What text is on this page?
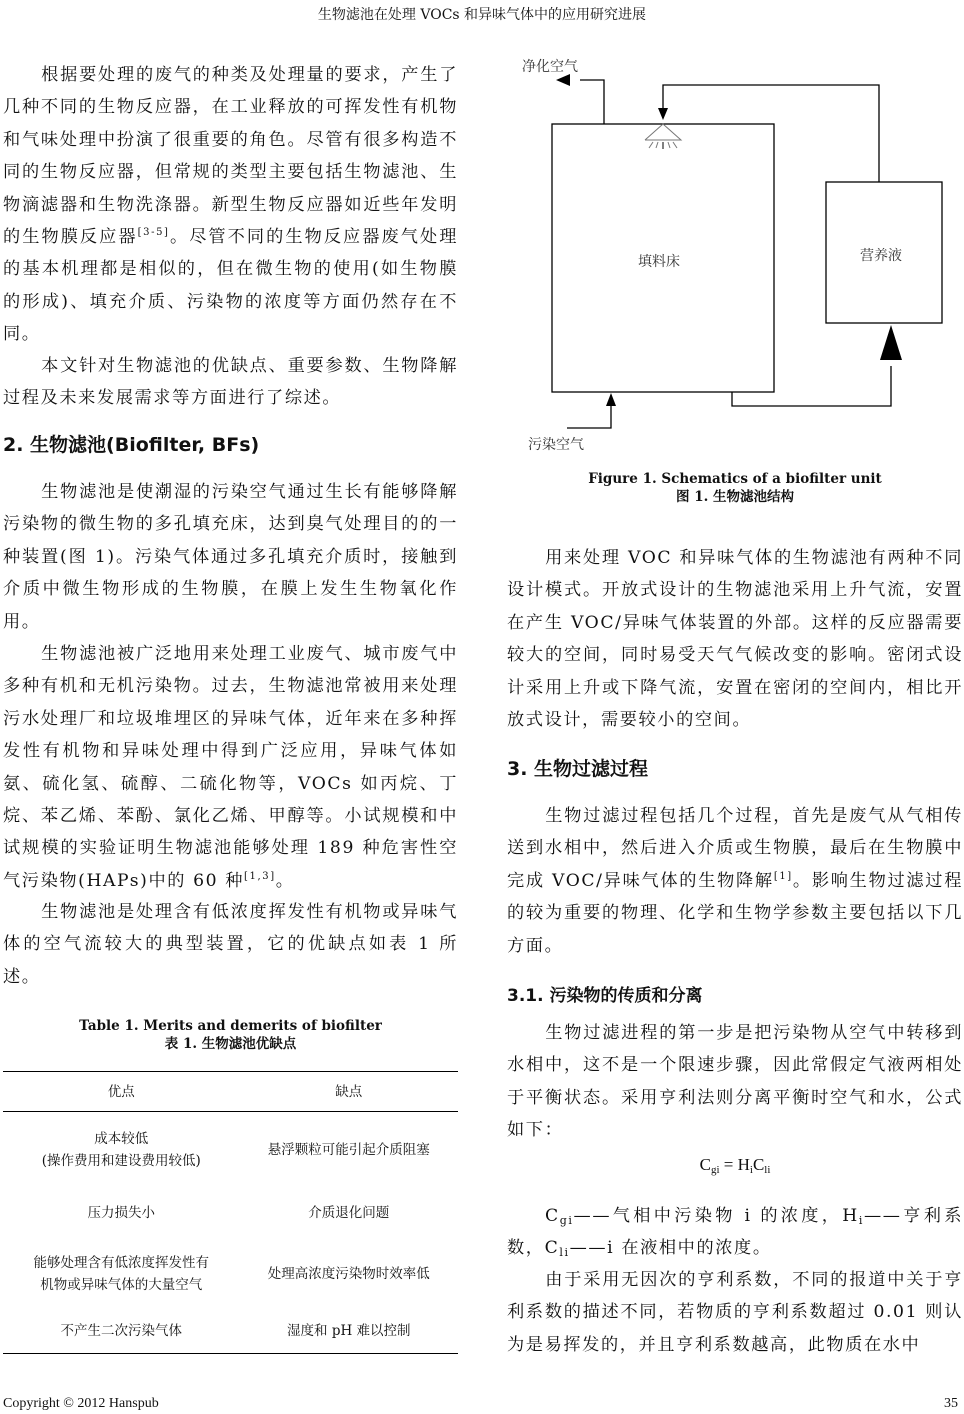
生物滤池在处理 VOCs 和异味气体中的应用研究进展
根据要处理的废气的种类及处理量的要求，产生了几种不同的生物反应器，在工业释放的可挥发性有机物和气味处理中扮演了很重要的角色。尽管有很多构造不同的生物反应器，但常规的类型主要包括生物滤池、生物滴滤器和生物洗涤器。新型生物反应器如近些年发明的生物膜反应器[3-5]。尽管不同的生物反应器废气处理的基本机理都是相似的，但在微生物的使用(如生物膜的形成)、填充介质、污染物的浓度等方面仍然存在不同。
本文针对生物滤池的优缺点、重要参数、生物降解过程及未来发展需求等方面进行了综述。
2. 生物滤池(Biofilter, BFs)
生物滤池是使潮湿的污染空气通过生长有能够降解污染物的微生物的多孔填充床，达到臭气处理目的的一种装置(图 1)。污染气体通过多孔填充介质时，接触到介质中微生物形成的生物膜，在膜上发生生物氧化作用。
生物滤池被广泛地用来处理工业废气、城市废气中多种有机和无机污染物。过去，生物滤池常被用来处理污水处理厂和垃圾堆埋区的异味气体，近年来在多种挥发性有机物和异味处理中得到广泛应用，异味气体如氨、硫化氢、硫醇、二硫化物等，VOCs 如丙烷、丁烷、苯乙烯、苯酚、氯化乙烯、甲醇等。小试规模和中试规模的实验证明生物滤池能够处理 189 种危害性空气污染物(HAPs)中的 60 种[1,3]。
生物滤池是处理含有低浓度挥发性有机物或异味气体的空气流较大的典型装置，它的优缺点如表 1 所述。
Table 1. Merits and demerits of biofilter
表 1. 生物滤池优缺点
优点	缺点

成本较低
(操作费用和建设费用较低)	悬浮颗粒可能引起介质阻塞
压力损失小	介质退化问题

能够处理含有低浓度挥发性有
机物或异味气体的大量空气	处理高浓度污染物时效率低
不产生二次污染气体	湿度和 pH 难以控制
净化空气
填料床	营养液
污染空气
Figure 1. Schematics of a biofilter unit
图 1. 生物滤池结构
用来处理 VOC 和异味气体的生物滤池有两种不同设计模式。开放式设计的生物滤池采用上升气流，安置在产生 VOC/异味气体装置的外部。这样的反应器需要较大的空间，同时易受天气气候改变的影响。密闭式设计采用上升或下降气流，安置在密闭的空间内，相比开放式设计，需要较小的空间。
3. 生物过滤过程
生物过滤过程包括几个过程，首先是废气从气相传送到水相中，然后进入介质或生物膜，最后在生物膜中完成 VOC/异味气体的生物降解[1]。影响生物过滤过程的较为重要的物理、化学和生物学参数主要包括以下几方面。
3.1. 污染物的传质和分离
生物过滤进程的第一步是把污染物从空气中转移到水相中，这不是一个限速步骤，因此常假定气液两相处于平衡状态。采用亨利法则分离平衡时空气和水，公式如下：
$C_{gi} = H_iC_{li}$
$C_{gi}——$气相中污染物 i 的浓度，$H_i——$亨利系数，$C_{li}——i$ 在液相中的浓度。
由于采用无因次的亨利系数，不同的报道中关于亨利系数的描述不同，若物质的亨利系数超过 0.01 则认为是易挥发的，并且亨利系数越高，此物质在水中
Copyright © 2012 Hanspub	35
